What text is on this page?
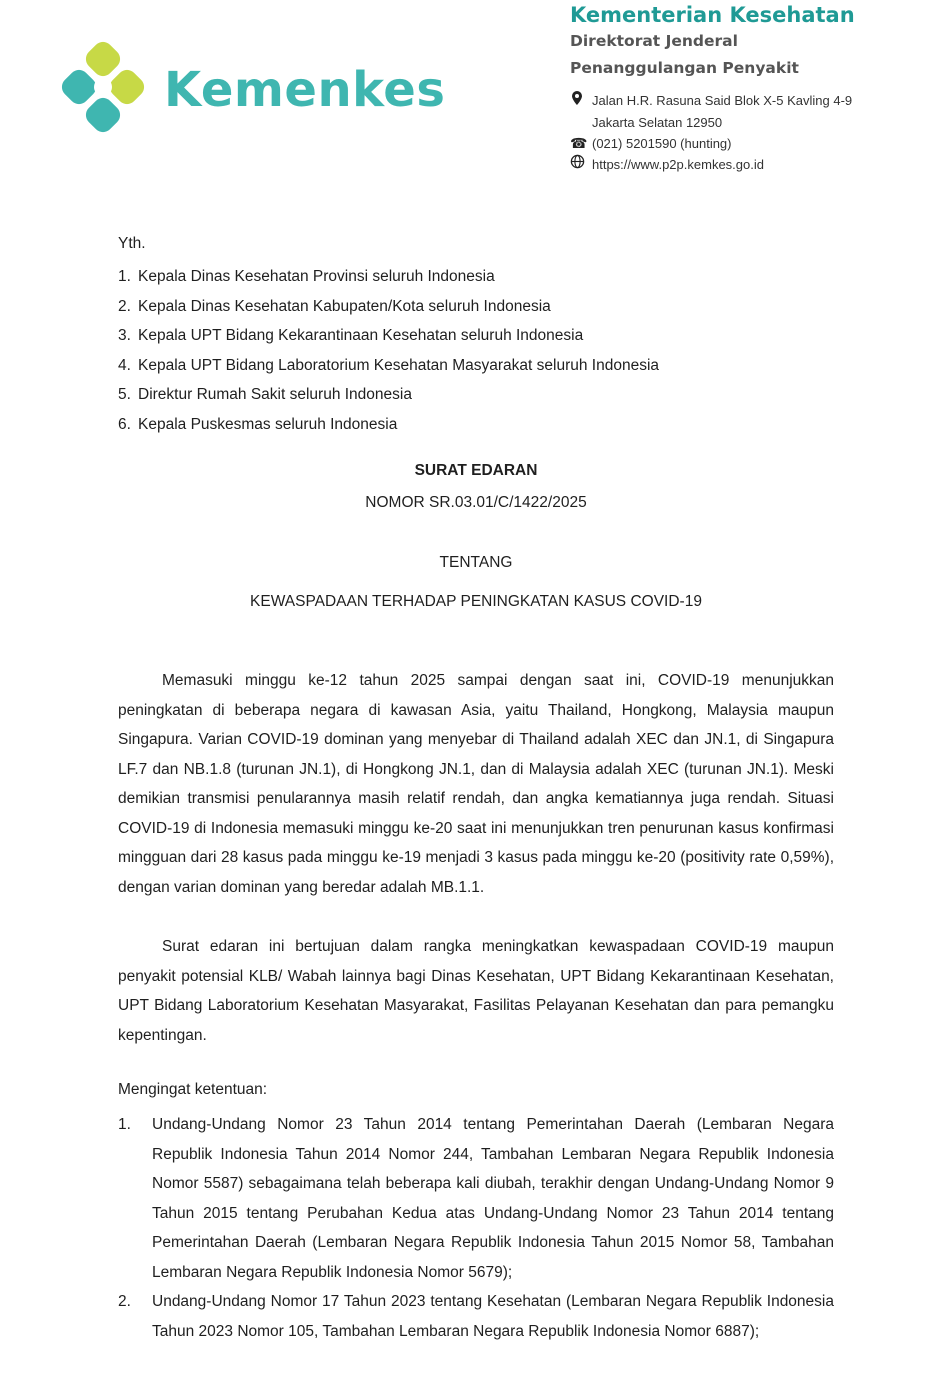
Kemenkes
Kementerian Kesehatan
Direktorat Jenderal
Penanggulangan Penyakit
Jalan H.R. Rasuna Said Blok X-5 Kavling 4-9
Jakarta Selatan 12950
☎ (021) 5201590 (hunting)
https://www.p2p.kemkes.go.id
Yth.
1. Kepala Dinas Kesehatan Provinsi seluruh Indonesia
2. Kepala Dinas Kesehatan Kabupaten/Kota seluruh Indonesia
3. Kepala UPT Bidang Kekarantinaan Kesehatan seluruh Indonesia
4. Kepala UPT Bidang Laboratorium Kesehatan Masyarakat seluruh Indonesia
5. Direktur Rumah Sakit seluruh Indonesia
6. Kepala Puskesmas seluruh Indonesia
SURAT EDARAN
NOMOR SR.03.01/C/1422/2025
TENTANG
KEWASPADAAN TERHADAP PENINGKATAN KASUS COVID-19

Memasuki minggu ke-12 tahun 2025 sampai dengan saat ini, COVID-19 menunjukkan peningkatan di beberapa negara di kawasan Asia, yaitu Thailand, Hongkong, Malaysia maupun Singapura. Varian COVID-19 dominan yang menyebar di Thailand adalah XEC dan JN.1, di Singapura LF.7 dan NB.1.8 (turunan JN.1), di Hongkong JN.1, dan di Malaysia adalah XEC (turunan JN.1). Meski demikian transmisi penularannya masih relatif rendah, dan angka kematiannya juga rendah. Situasi COVID-19 di Indonesia memasuki minggu ke-20 saat ini menunjukkan tren penurunan kasus konfirmasi mingguan dari 28 kasus pada minggu ke-19 menjadi 3 kasus pada minggu ke-20 (positivity rate 0,59%), dengan varian dominan yang beredar adalah MB.1.1.

Surat edaran ini bertujuan dalam rangka meningkatkan kewaspadaan COVID-19 maupun penyakit potensial KLB/ Wabah lainnya bagi Dinas Kesehatan, UPT Bidang Kekarantinaan Kesehatan, UPT Bidang Laboratorium Kesehatan Masyarakat, Fasilitas Pelayanan Kesehatan dan para pemangku kepentingan.

Mengingat ketentuan:
1.	Undang-Undang Nomor 23 Tahun 2014 tentang Pemerintahan Daerah (Lembaran Negara Republik Indonesia Tahun 2014 Nomor 244, Tambahan Lembaran Negara Republik Indonesia Nomor 5587) sebagaimana telah beberapa kali diubah, terakhir dengan Undang-Undang Nomor 9 Tahun 2015 tentang Perubahan Kedua atas Undang-Undang Nomor 23 Tahun 2014 tentang Pemerintahan Daerah (Lembaran Negara Republik Indonesia Tahun 2015 Nomor 58, Tambahan Lembaran Negara Republik Indonesia Nomor 5679);
2.	Undang-Undang Nomor 17 Tahun 2023 tentang Kesehatan (Lembaran Negara Republik Indonesia Tahun 2023 Nomor 105, Tambahan Lembaran Negara Republik Indonesia Nomor 6887);
